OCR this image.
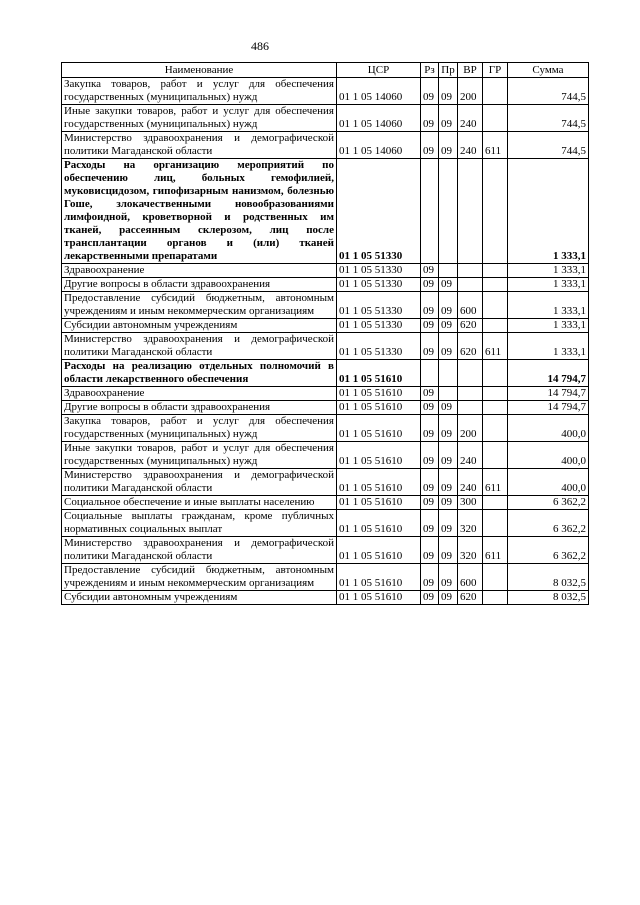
486
Наименование	ЦСР	Рз	Пр	ВР	ГР	Сумма
Закупка товаров, работ и услуг для обеспечения государственных (муниципальных) нужд	01 1 05 14060	09	09	200		744,5
Иные закупки товаров, работ и услуг для обеспечения государственных (муниципальных) нужд	01 1 05 14060	09	09	240		744,5
Министерство здравоохранения и демографической политики Магаданской области	01 1 05 14060	09	09	240	611	744,5
Расходы на организацию мероприятий по обеспечению лиц, больных гемофилией, муковисцидозом, гипофизарным нанизмом, болезнью Гоше, злокачественными новообразованиями лимфоидной, кроветворной и родственных им тканей, рассеянным склерозом, лиц после трансплантации органов и (или) тканей лекарственными препаратами	01 1 05 51330					1 333,1
Здравоохранение	01 1 05 51330	09				1 333,1
Другие вопросы в области здравоохранения	01 1 05 51330	09	09			1 333,1
Предоставление субсидий бюджетным, автономным учреждениям и иным некоммерческим организациям	01 1 05 51330	09	09	600		1 333,1
Субсидии автономным учреждениям	01 1 05 51330	09	09	620		1 333,1
Министерство здравоохранения и демографической политики Магаданской области	01 1 05 51330	09	09	620	611	1 333,1
Расходы на реализацию отдельных полномочий в области лекарственного обеспечения	01 1 05 51610					14 794,7
Здравоохранение	01 1 05 51610	09				14 794,7
Другие вопросы в области здравоохранения	01 1 05 51610	09	09			14 794,7
Закупка товаров, работ и услуг для обеспечения государственных (муниципальных) нужд	01 1 05 51610	09	09	200		400,0
Иные закупки товаров, работ и услуг для обеспечения государственных (муниципальных) нужд	01 1 05 51610	09	09	240		400,0
Министерство здравоохранения и демографической политики Магаданской области	01 1 05 51610	09	09	240	611	400,0
Социальное обеспечение и иные выплаты населению	01 1 05 51610	09	09	300		6 362,2
Социальные выплаты гражданам, кроме публичных нормативных социальных выплат	01 1 05 51610	09	09	320		6 362,2
Министерство здравоохранения и демографической политики Магаданской области	01 1 05 51610	09	09	320	611	6 362,2
Предоставление субсидий бюджетным, автономным учреждениям и иным некоммерческим организациям	01 1 05 51610	09	09	600		8 032,5
Субсидии автономным учреждениям	01 1 05 51610	09	09	620		8 032,5
